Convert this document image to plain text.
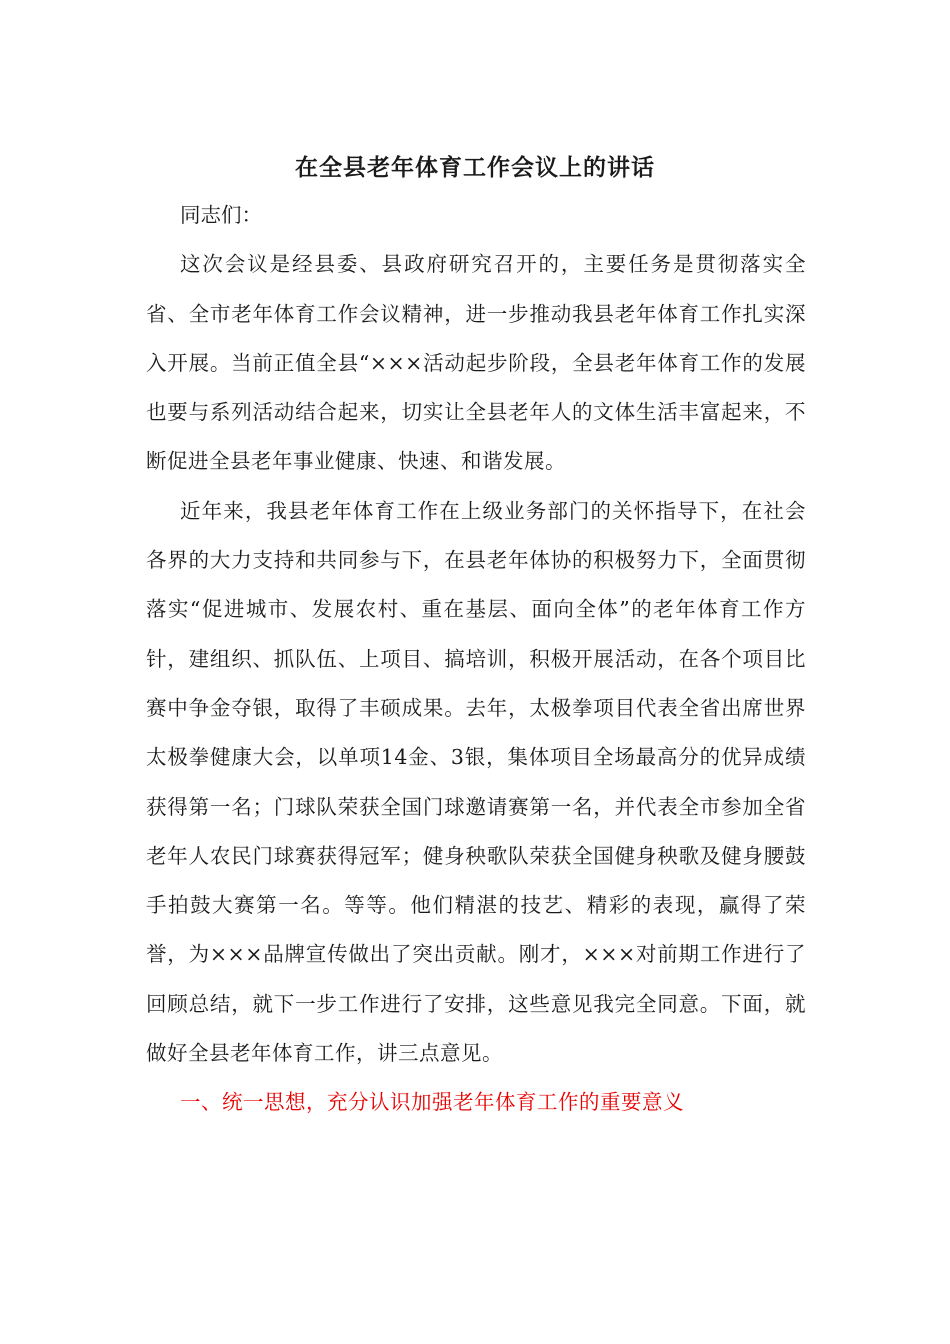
在全县老年体育工作会议上的讲话

同志们：

这次会议是经县委、县政府研究召开的，主要任务是贯彻落实全省、全市老年体育工作会议精神，进一步推动我县老年体育工作扎实深入开展。当前正值全县“×××活动起步阶段，全县老年体育工作的发展也要与系列活动结合起来，切实让全县老年人的文体生活丰富起来，不断促进全县老年事业健康、快速、和谐发展。

近年来，我县老年体育工作在上级业务部门的关怀指导下，在社会各界的大力支持和共同参与下，在县老年体协的积极努力下，全面贯彻落实“促进城市、发展农村、重在基层、面向全体”的老年体育工作方针，建组织、抓队伍、上项目、搞培训，积极开展活动，在各个项目比赛中争金夺银，取得了丰硕成果。去年，太极拳项目代表全省出席世界太极拳健康大会，以单项14金、3银，集体项目全场最高分的优异成绩获得第一名；门球队荣获全国门球邀请赛第一名，并代表全市参加全省老年人农民门球赛获得冠军；健身秧歌队荣获全国健身秧歌及健身腰鼓手拍鼓大赛第一名。等等。他们精湛的技艺、精彩的表现，赢得了荣誉，为×××品牌宣传做出了突出贡献。刚才，×××对前期工作进行了回顾总结，就下一步工作进行了安排，这些意见我完全同意。下面，就做好全县老年体育工作，讲三点意见。

一、统一思想，充分认识加强老年体育工作的重要意义
